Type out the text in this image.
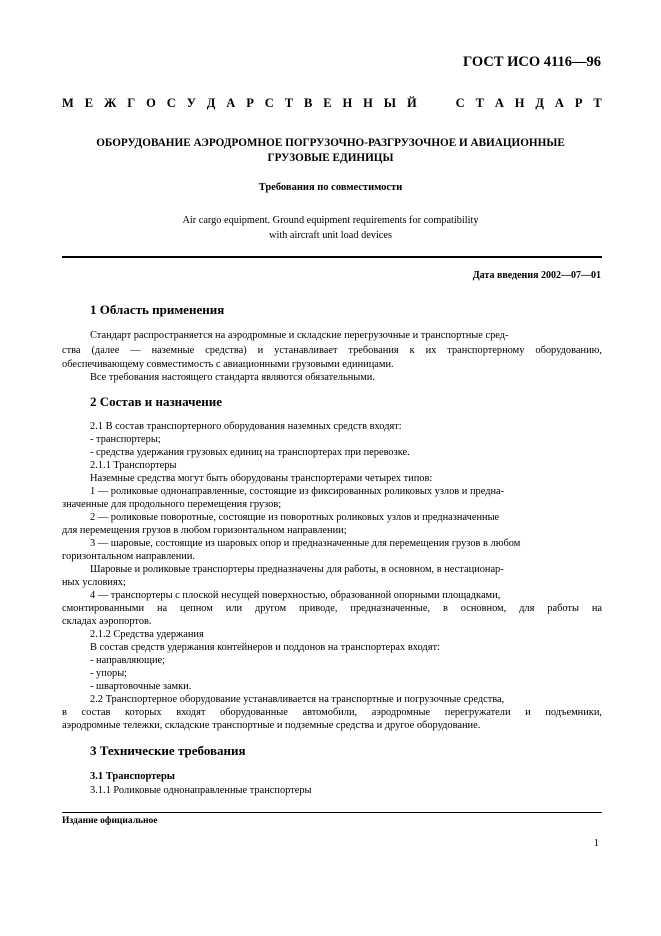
ГОСТ ИСО 4116—96
М Е Ж Г О С У Д А Р С Т В Е Н Н Ы Й

	С Т А Н Д А Р Т
ОБОРУДОВАНИЕ АЭРОДРОМНОЕ ПОГРУЗОЧНО-РАЗГРУЗОЧНОЕ И АВИАЦИОННЫЕ
ГРУЗОВЫЕ ЕДИНИЦЫ
Требования по совместимости
Air cargo equipment. Ground equipment requirements for compatibility
with aircraft unit load devices
Дата введения 2002—07—01
1 Область применения
Стандарт распространяется на аэродромные и складские перегрузочные и транспортные сред-
ства (далее — наземные средства) и устанавливает требования к их транспортерному оборудованию,
обеспечивающему совместимость с авиационными грузовыми единицами.
Все требования настоящего стандарта являются обязательными.
2 Состав и назначение
2.1 В состав транспортерного оборудования наземных средств входят:
- транспортеры;
- средства удержания грузовых единиц на транспортерах при перевозке.
2.1.1 Транспортеры
Наземные средства могут быть оборудованы транспортерами четырех типов:
1 — роликовые однонаправленные, состоящие из фиксированных роликовых узлов и предна-
значенные для продольного перемещения грузов;
2 — роликовые поворотные, состоящие из поворотных роликовых узлов и предназначенные
для перемещения грузов в любом горизонтальном направлении;
3 — шаровые, состоящие из шаровых опор и предназначенные для перемещения грузов в любом
горизонтальном направлении.
Шаровые и роликовые транспортеры предназначены для работы, в основном, в нестационар-
ных условиях;
4 — транспортеры с плоской несущей поверхностью, образованной опорными площадками,
смонтированными на цепном или другом приводе, предназначенные, в основном, для работы на
складах аэропортов.
2.1.2 Средства удержания
В состав средств удержания контейнеров и поддонов на транспортерах входят:
- направляющие;
- упоры;
- швартовочные замки.
2.2 Транспортерное оборудование устанавливается на транспортные и погрузочные средства,
в состав которых входят оборудованные автомобили, аэродромные перегружатели и подъемники,
аэродромные тележки, складские транспортные и подземные средства и другое оборудование.
3 Технические требования
3.1 Транспортеры
3.1.1 Роликовые однонаправленные транспортеры
Издание официальное
1
